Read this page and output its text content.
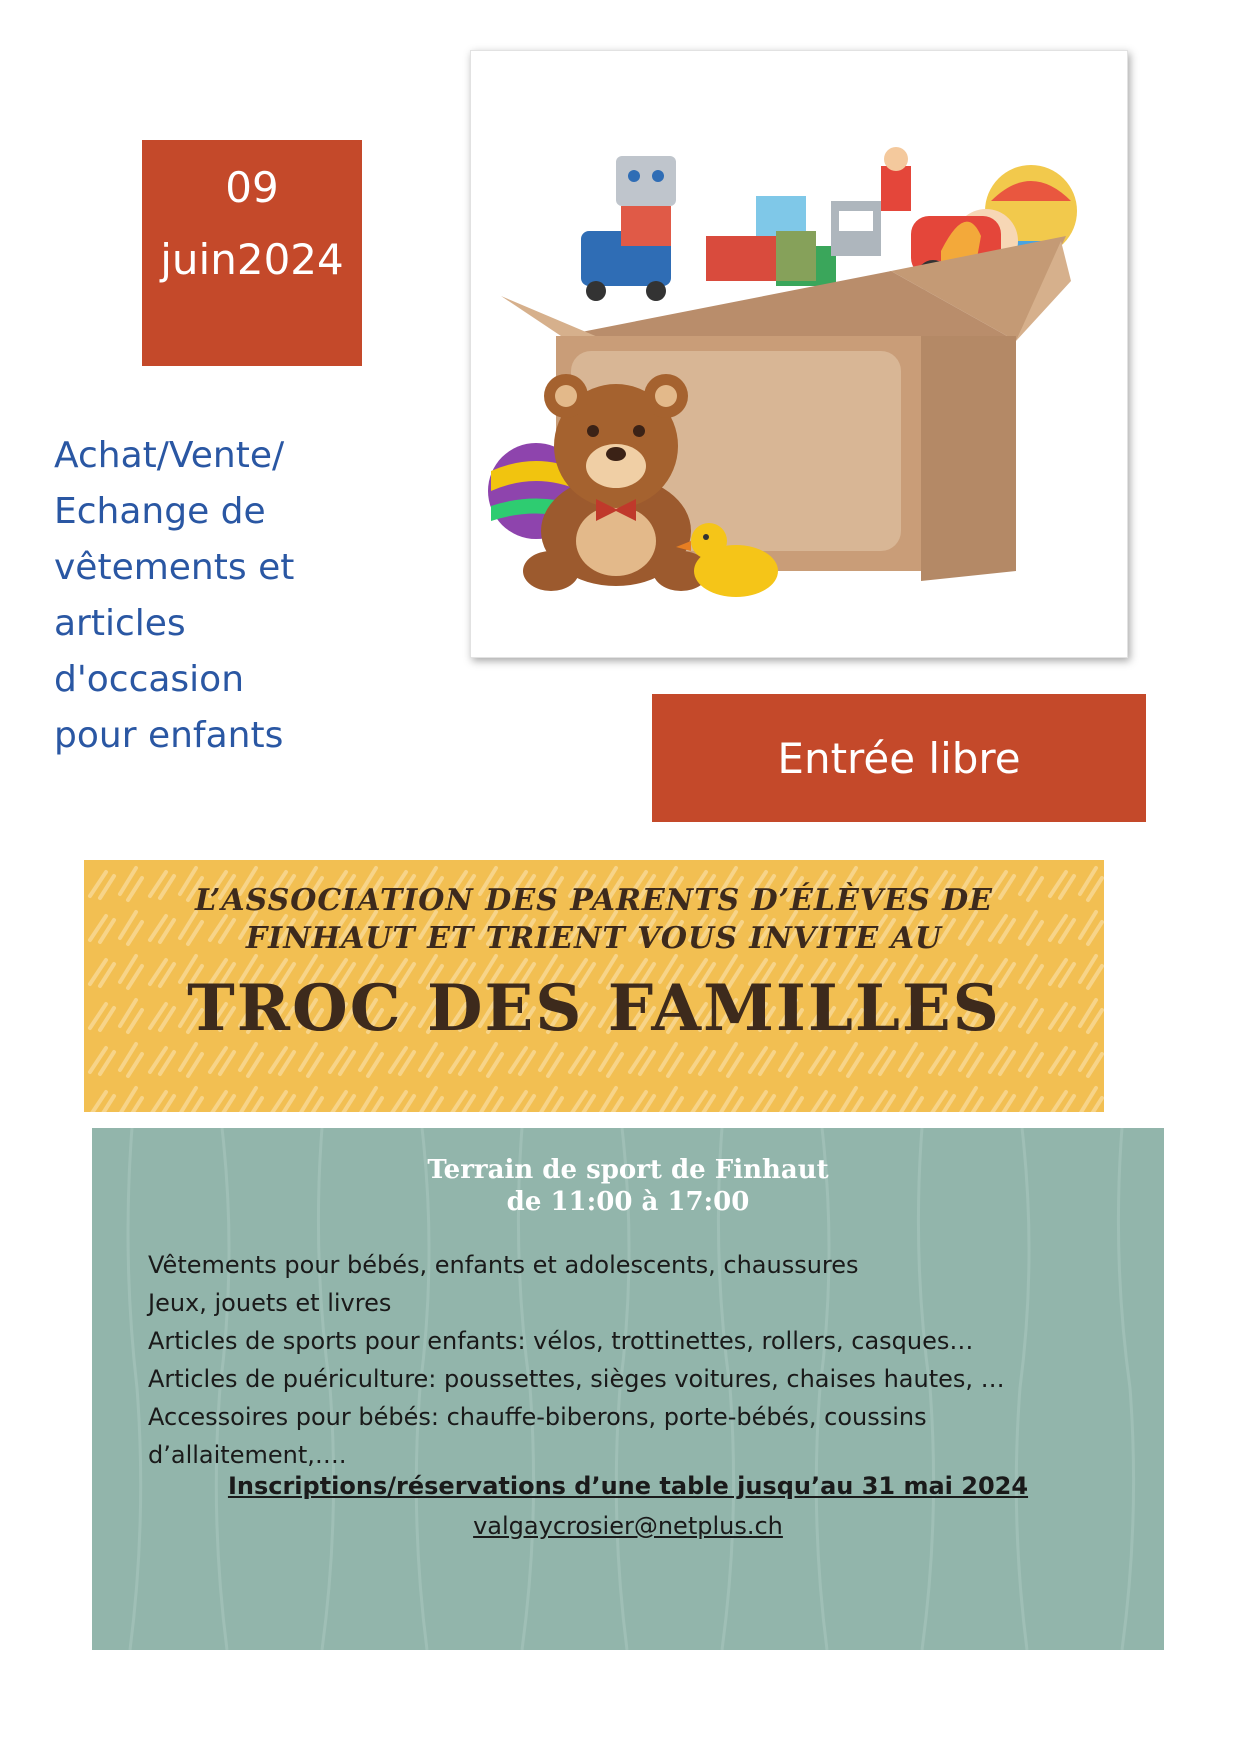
09
juin2024
Achat/Vente/
Echange de
vêtements et
articles
d'occasion
pour enfants	Entrée libre
L’ASSOCIATION DES PARENTS D’ÉLÈVES DE
FINHAUT ET TRIENT VOUS INVITE AU
TROC DES FAMILLES
Terrain de sport de Finhaut
de 11:00 à 17:00
Vêtements pour bébés, enfants et adolescents, chaussures
Jeux, jouets et livres
Articles de sports pour enfants: vélos, trottinettes, rollers, casques…
Articles de puériculture: poussettes, sièges voitures, chaises hautes, …
Accessoires pour bébés: chauffe-biberons, porte-bébés, coussins
d’allaitement,….
Inscriptions/réservations d’une table jusqu’au 31 mai 2024
valgaycrosier@netplus.ch
